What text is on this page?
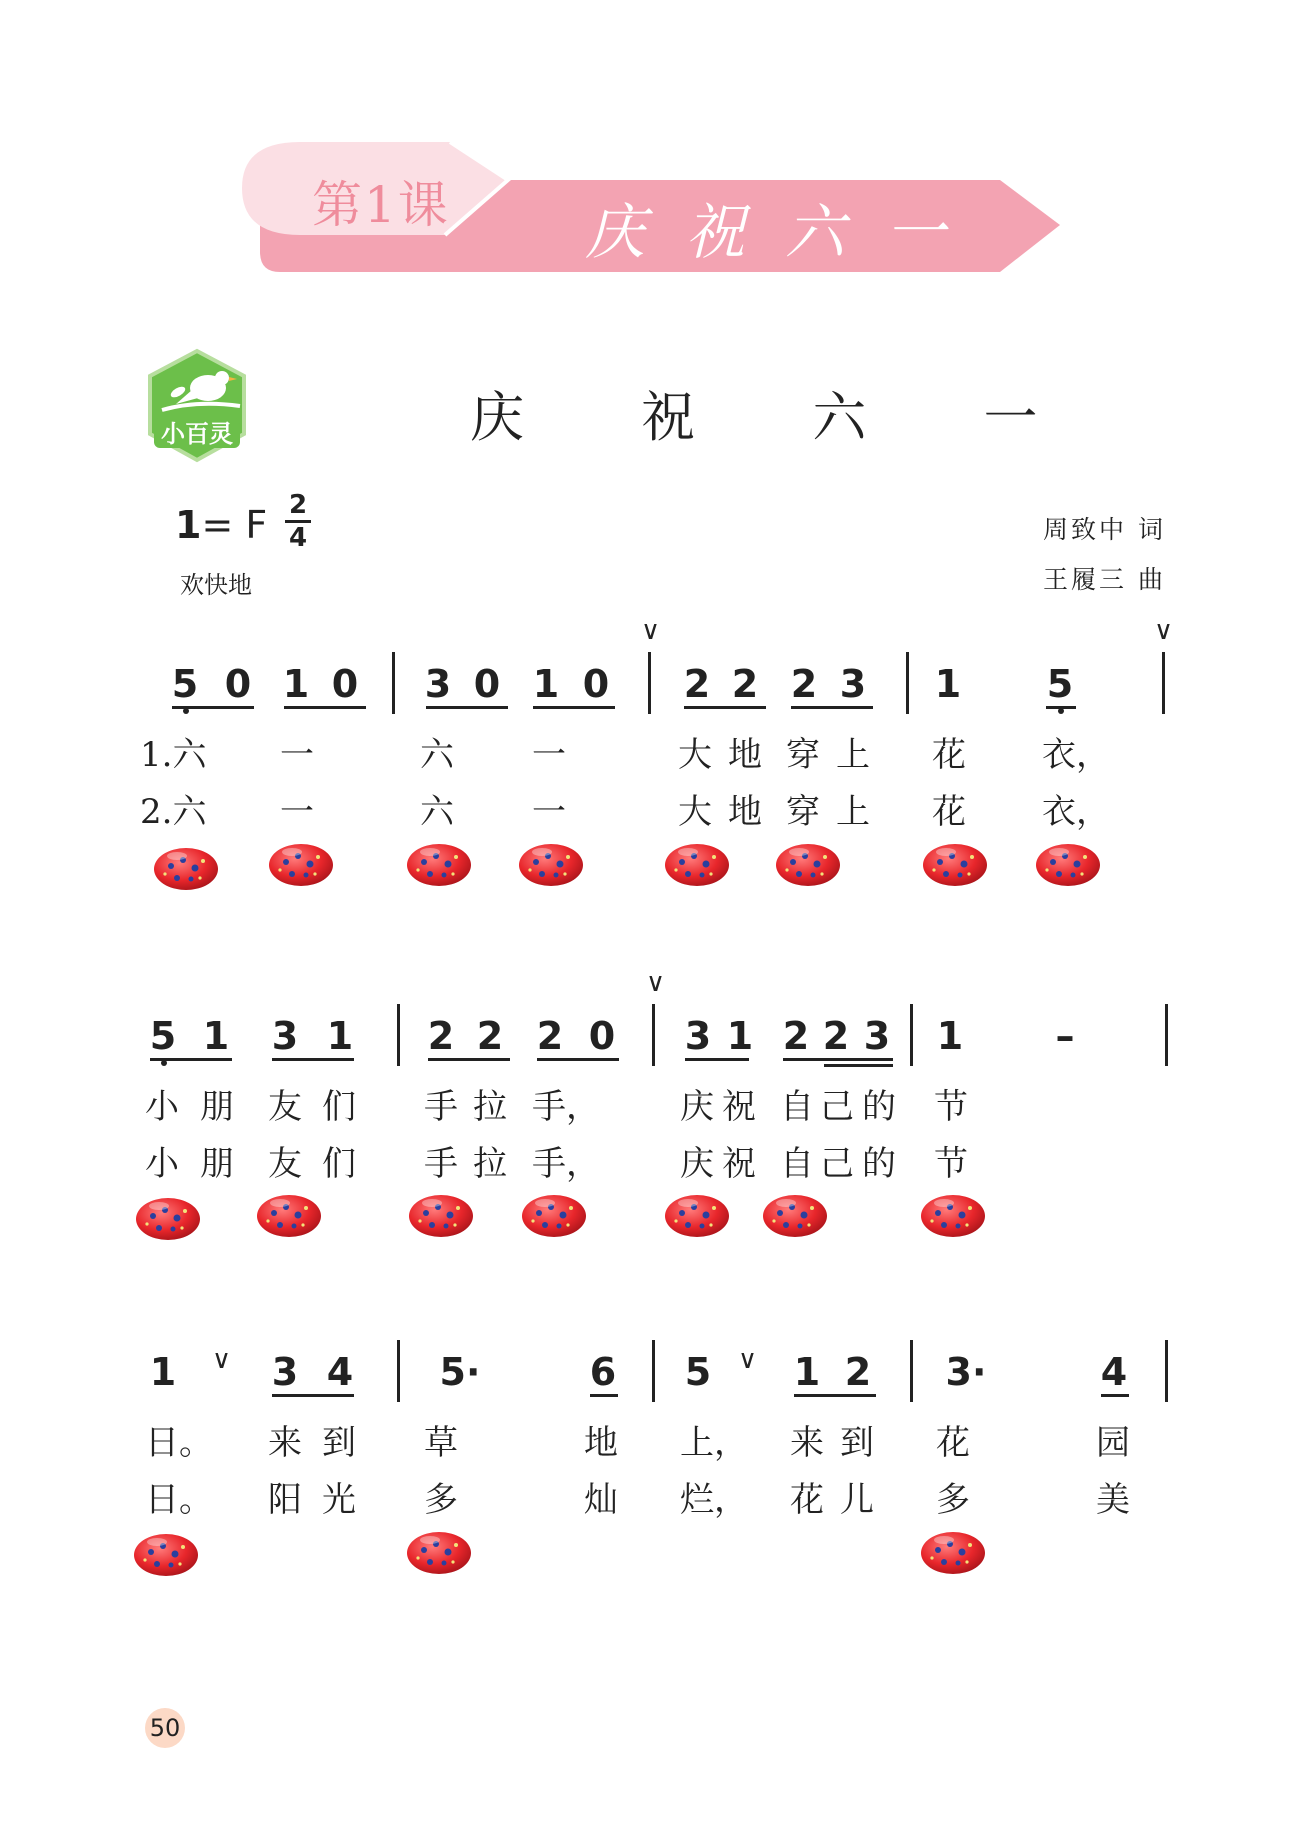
第1课 庆祝六一
小百灵	庆 祝 六 一
1= F 2
4
欢快地
周致中 词
王履三 曲
5 0 1 0 3 0 1 0
∨
2 2 2 3 1 5
∨
1.六 一	六 一	大 地 穿 上 花 衣，
2.六 一	六 一	大 地 穿 上 花 衣，
5 1 3 1 2 2 2 0
∨
3 1 2 2 3 1 –
小 朋 友 们 手 拉 手， 庆 祝 自 己 的 节
小 朋 友 们 手 拉 手， 庆 祝 自 己 的 节
1 ∨ 3 4 5·	6 5 ∨ 1 2 3·	4
日。 来 到 草	地 上， 来 到 花	园
日。 阳 光 多	灿 烂， 花 儿 多	美
50
